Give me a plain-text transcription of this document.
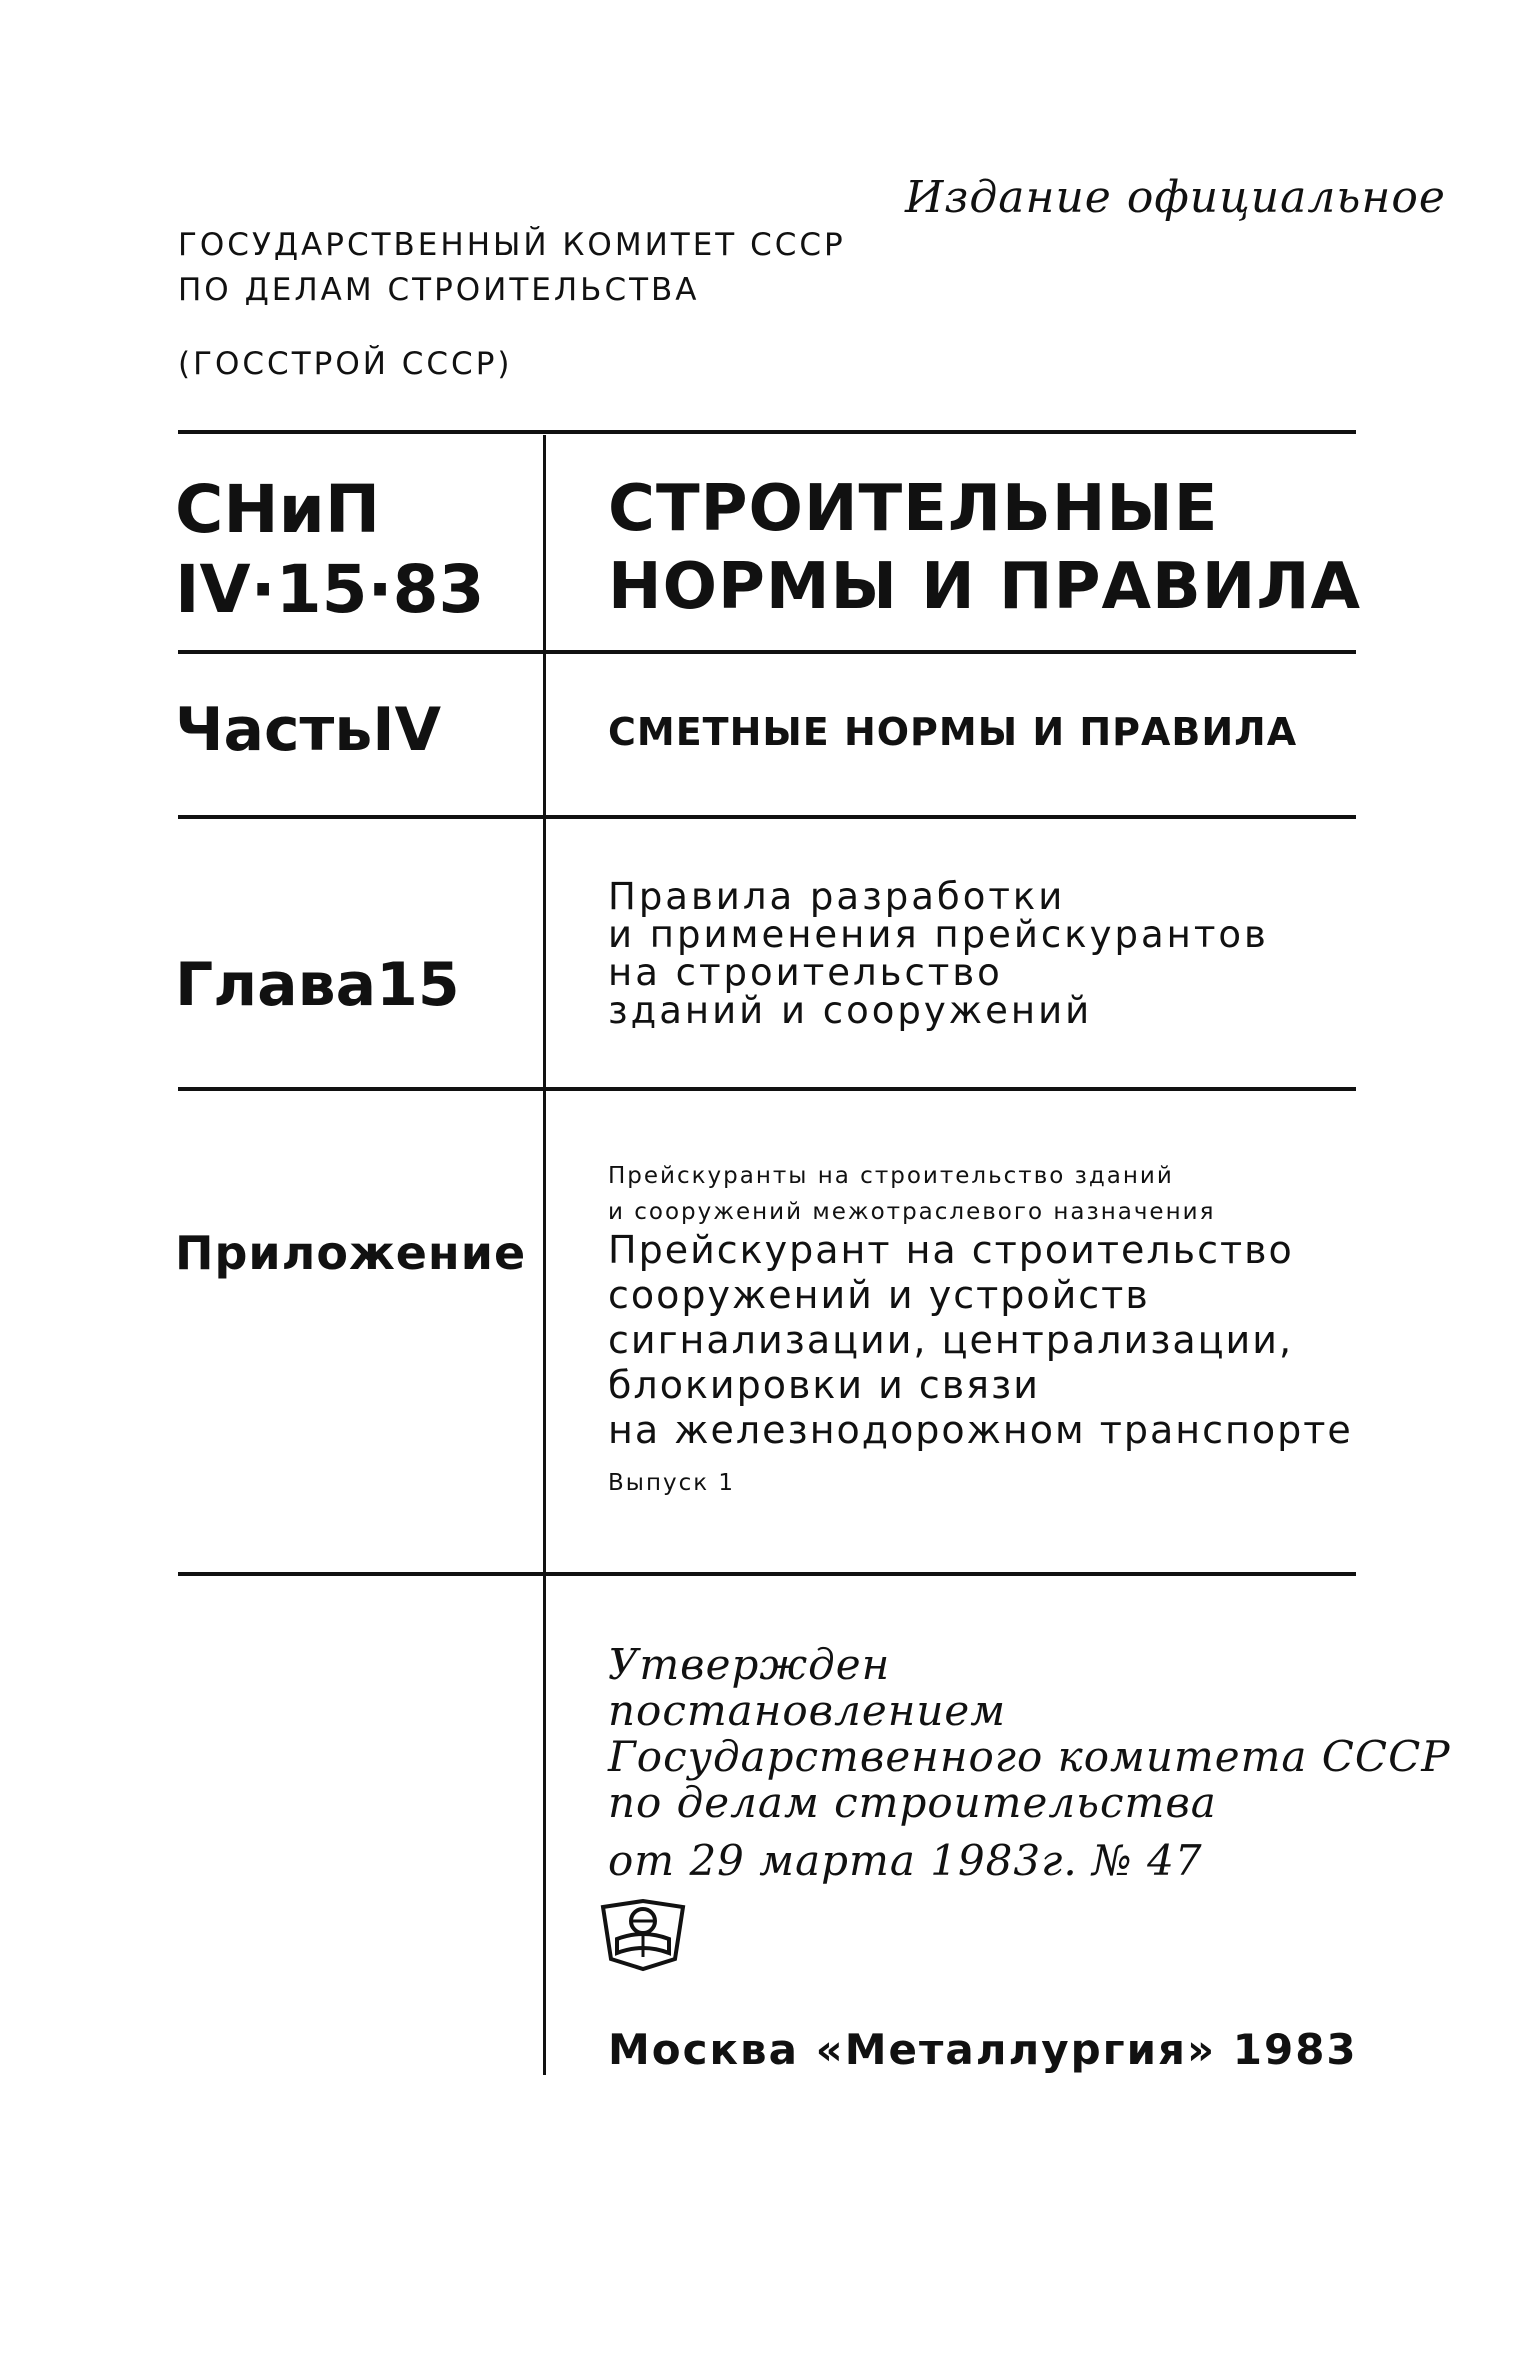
Издание официальное
ГОСУДАРСТВЕННЫЙ КОМИТЕТ СССР
ПО ДЕЛАМ СТРОИТЕЛЬСТВА
(ГОССТРОЙ СССР)
СНиП
IV·15·83
СТРОИТЕЛЬНЫЕ
НОРМЫ И ПРАВИЛА
ЧастьIV	СМЕТНЫЕ НОРМЫ И ПРАВИЛА
Глава15
Правила разработки
и применения прейскурантов
на строительство
зданий и сооружений
Приложение
Прейскуранты на строительство зданий
и сооружений межотраслевого назначения
Прейскурант на строительство
сооружений и устройств
сигнализации, централизации,
блокировки и связи
на железнодорожном транспорте
Выпуск 1
Утвержден
постановлением
Государственного комитета СССР
по делам строительства
от 29 марта 1983г. № 47
Москва «Металлургия» 1983
